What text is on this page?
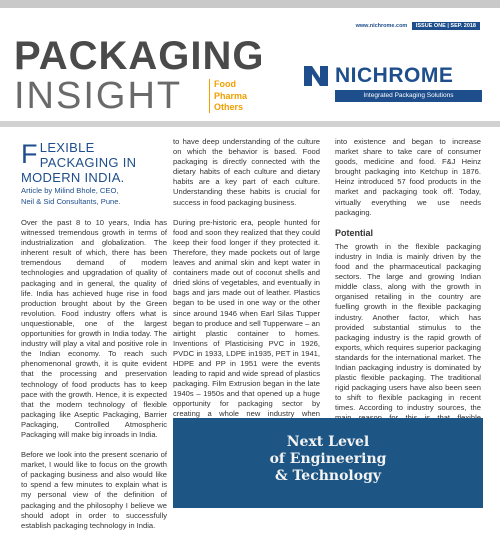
www.nichrome.com ISSUE ONE | SEP. 2018
PACKAGING
INSIGHT	Food
Pharma
Others
NICHROME
Integrated Packaging Solutions
FLEXIBLE
PACKAGING IN
MODERN INDIA.
Article by Milind Bhole, CEO,
Neil & Sid Consultants, Pune.

Over the past 8 to 10 years, India has witnessed tremendous growth in terms of industrialization and globalization. The inherent result of which, there has been tremendous demand of modern technologies and upgradation of quality of packaging and in general, the quality of life. India has achieved huge rise in food production brought about by the Green revolution. Food industry offers what is unquestionable, one of the largest opportunities for growth in India today. The industry will play a vital and positive role in the Indian economy. To reach such phenomenonal growth, it is quite evident that the processing and preservation technology of food products has to keep pace with the growth. Hence, it is expected that the modern technology of flexible packaging like Aseptic Packaging, Barrier Packaging, Controlled Atmospheric Packaging will make big inroads in India.

Before we look into the present scenario of market, I would like to focus on the growth of packaging business and also would like to spend a few minutes to explain what is my personal view of the definition of packaging and the philosophy I believe we should adopt in order to successfully establish packaging technology in India.

to have deep understanding of the culture on which the behavior is based. Food packaging is directly connected with the dietary habits of each culture and dietary habits are a key part of each culture. Understanding these habits is crucial for success in food packaging business.

During pre-historic era, people hunted for food and soon they realized that they could keep their food longer if they protected it. Therefore, they made pockets out of large leaves and animal skin and kept water in containers made out of coconut shells and dried skins of vegetables, and eventually in bags and jars made out of leather. Plastics began to be used in one way or the other since around 1946 when Earl Silas Tupper began to produce and sell Tupperware – an airtight plastic container to homes. Inventions of Plasticising PVC in 1926, PVDC in 1933, LDPE in1935, PET in 1941, HDPE and PP in 1951 were the events leading to rapid and wide spread of plastics packaging. Film Extrusion began in the late 1940s – 1950s and that opened up a huge opportunity for packaging sector by creating a whole new industry when

into existence and began to increase market share to take care of consumer goods, medicine and food. F&J Heinz brought packaging into Ketchup in 1876. Heinz introduced 57 food products in the market and packaging took off. Today, virtually everything we use needs packaging.

Potential

The growth in the flexible packaging industry in India is mainly driven by the food and the pharmaceutical packaging sectors. The large and growing Indian middle class, along with the growth in organised retailing in the country are fuelling growth in the flexible packaging industry. Another factor, which has provided substantial stimulus to the packaging industry is the rapid growth of exports, which requires superior packaging standards for the international market. The Indian packaging industry is dominated by plastic flexible packaging. The traditional rigid packaging users have also been seen to shift to flexible packaging in recent times. According to industry sources, the

Next Level
of Engineering
& Technology
